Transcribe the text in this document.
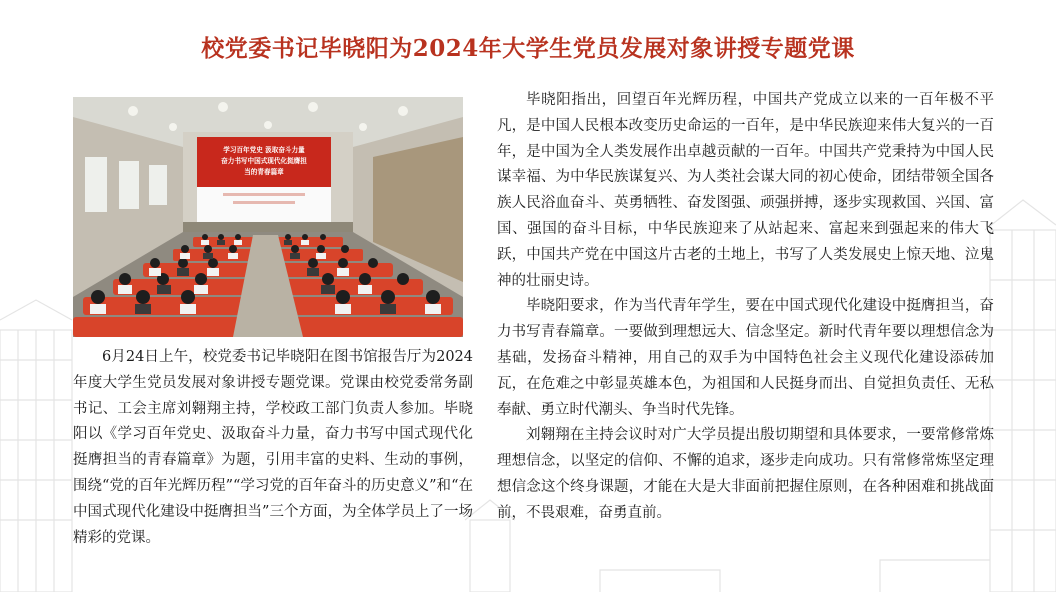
校党委书记毕晓阳为2024年大学生党员发展对象讲授专题党课
学习百年党史 汲取奋斗力量
奋力书写中国式现代化挺膺担
当的青春篇章

6月24日上午，校党委书记毕晓阳在图书馆报告厅为2024年度大学生党员发展对象讲授专题党课。党课由校党委常务副书记、工会主席刘翱翔主持，学校政工部门负责人参加。毕晓阳以《学习百年党史、汲取奋斗力量，奋力书写中国式现代化挺膺担当的青春篇章》为题，引用丰富的史料、生动的事例，围绕“党的百年光辉历程”“学习党的百年奋斗的历史意义”和“在中国式现代化建设中挺膺担当”三个方面，为全体学员上了一场精彩的党课。

毕晓阳指出，回望百年光辉历程，中国共产党成立以来的一百年极不平凡，是中国人民根本改变历史命运的一百年，是中华民族迎来伟大复兴的一百年，是中国为全人类发展作出卓越贡献的一百年。中国共产党秉持为中国人民谋幸福、为中华民族谋复兴、为人类社会谋大同的初心使命，团结带领全国各族人民浴血奋斗、英勇牺牲、奋发图强、顽强拼搏，逐步实现救国、兴国、富国、强国的奋斗目标，中华民族迎来了从站起来、富起来到强起来的伟大飞跃，中国共产党在中国这片古老的土地上，书写了人类发展史上惊天地、泣鬼神的壮丽史诗。

毕晓阳要求，作为当代青年学生，要在中国式现代化建设中挺膺担当，奋力书写青春篇章。一要做到理想远大、信念坚定。新时代青年要以理想信念为基础，发扬奋斗精神，用自己的双手为中国特色社会主义现代化建设添砖加瓦，在危难之中彰显英雄本色，为祖国和人民挺身而出、自觉担负责任、无私奉献、勇立时代潮头、争当时代先锋。

刘翱翔在主持会议时对广大学员提出殷切期望和具体要求，一要常修常炼理想信念，以坚定的信仰、不懈的追求，逐步走向成功。只有常修常炼坚定理想信念这个终身课题，才能在大是大非面前把握住原则，在各种困难和挑战面前，不畏艰难，奋勇直前。
